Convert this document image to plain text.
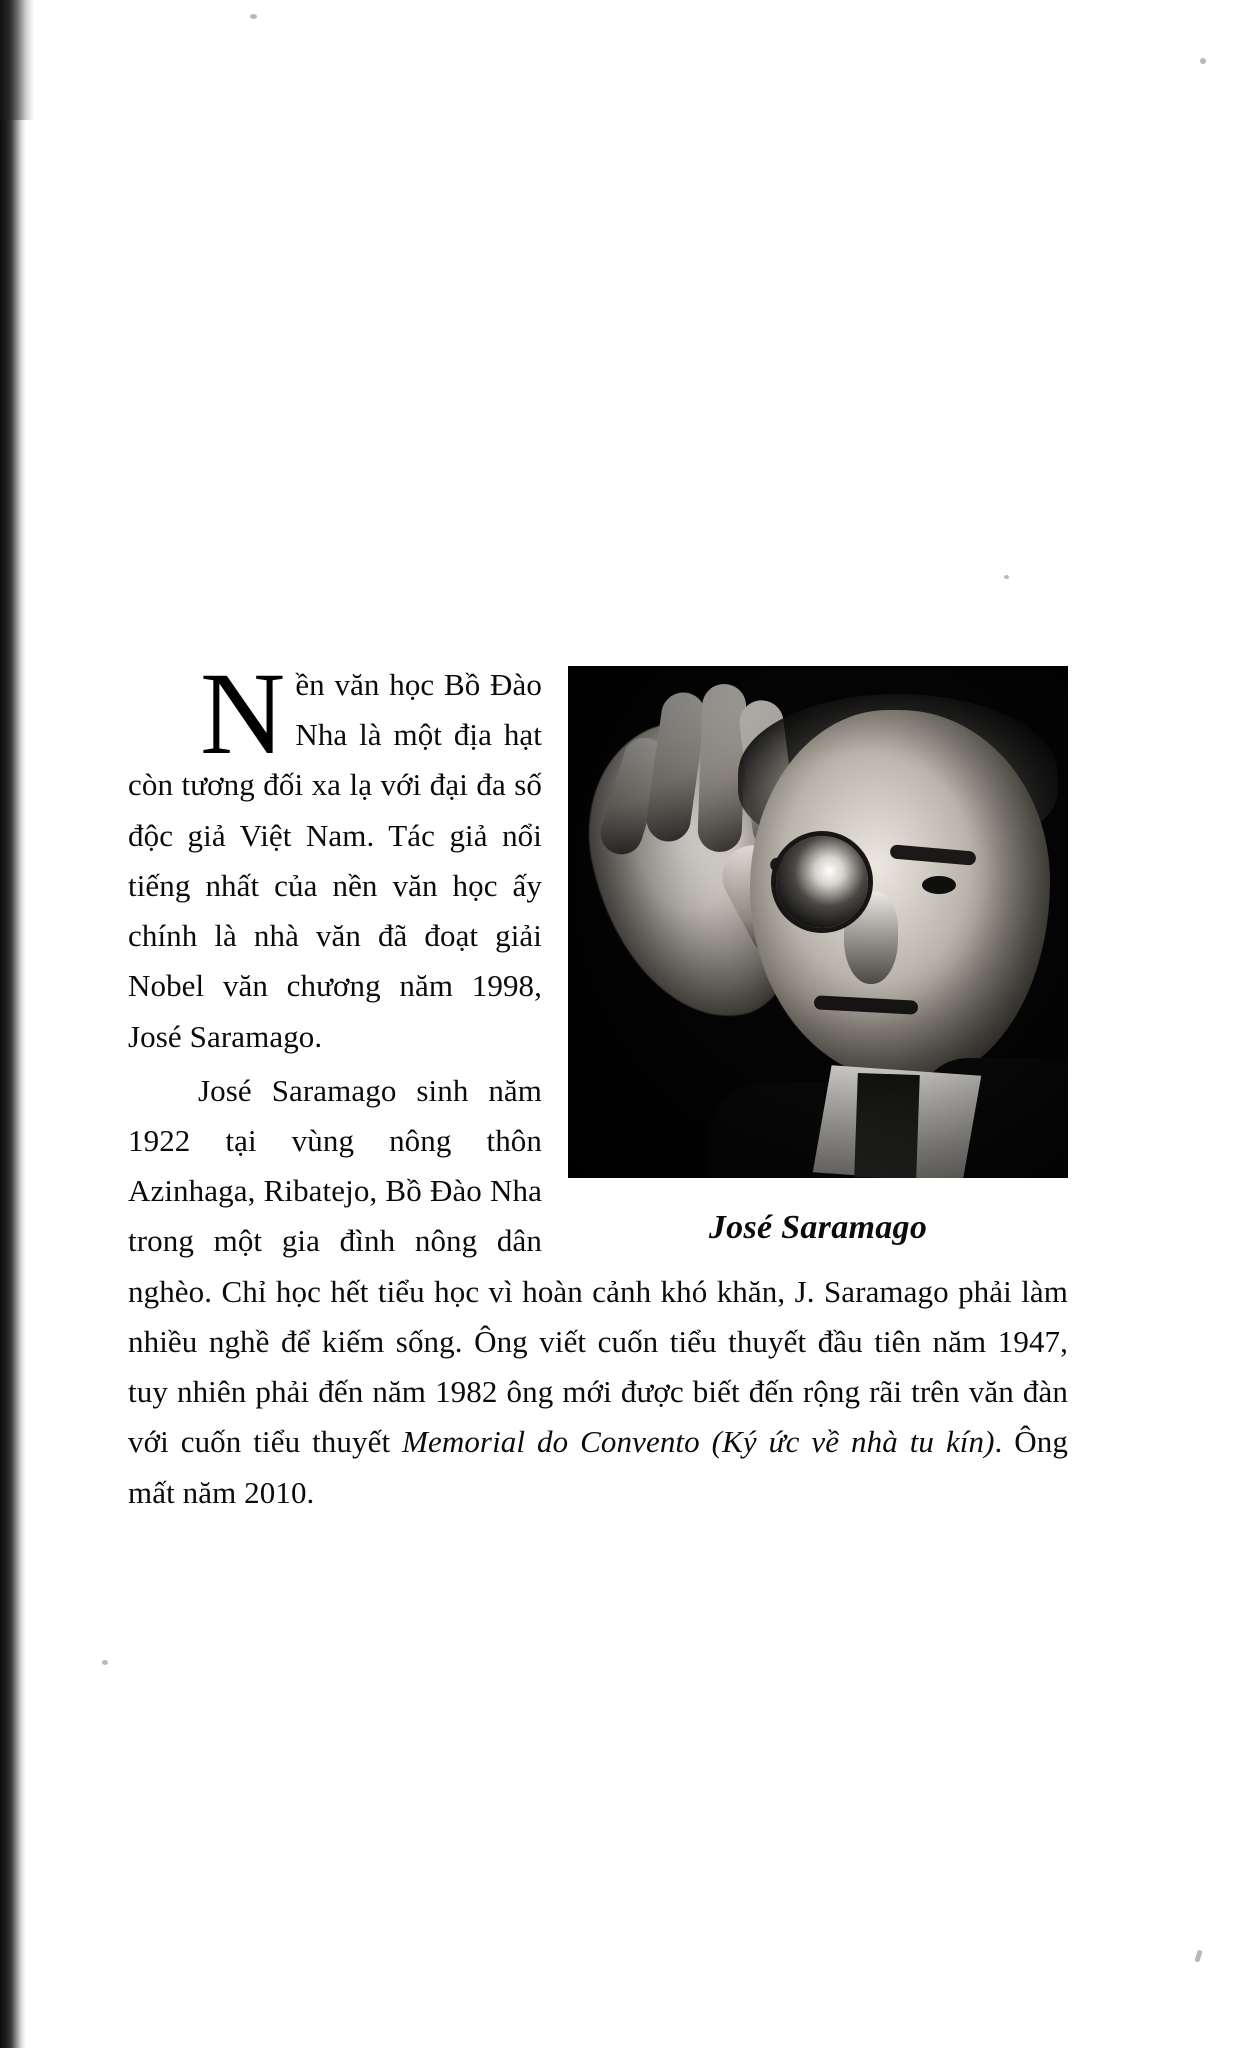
José Saramago

Nền văn học Bồ Đào Nha là một địa hạt còn tương đối xa lạ với đại đa số độc giả Việt Nam. Tác giả nổi tiếng nhất của nền văn học ấy chính là nhà văn đã đoạt giải Nobel văn chương năm 1998, José Saramago.

José Saramago sinh năm 1922 tại vùng nông thôn Azinhaga, Ribatejo, Bồ Đào Nha trong một gia đình nông dân nghèo. Chỉ học hết tiểu học vì hoàn cảnh khó khăn, J. Saramago phải làm nhiều nghề để kiếm sống. Ông viết cuốn tiểu thuyết đầu tiên năm 1947, tuy nhiên phải đến năm 1982 ông mới được biết đến rộng rãi trên văn đàn với cuốn tiểu thuyết Memorial do Convento (Ký ức về nhà tu kín). Ông mất năm 2010.
